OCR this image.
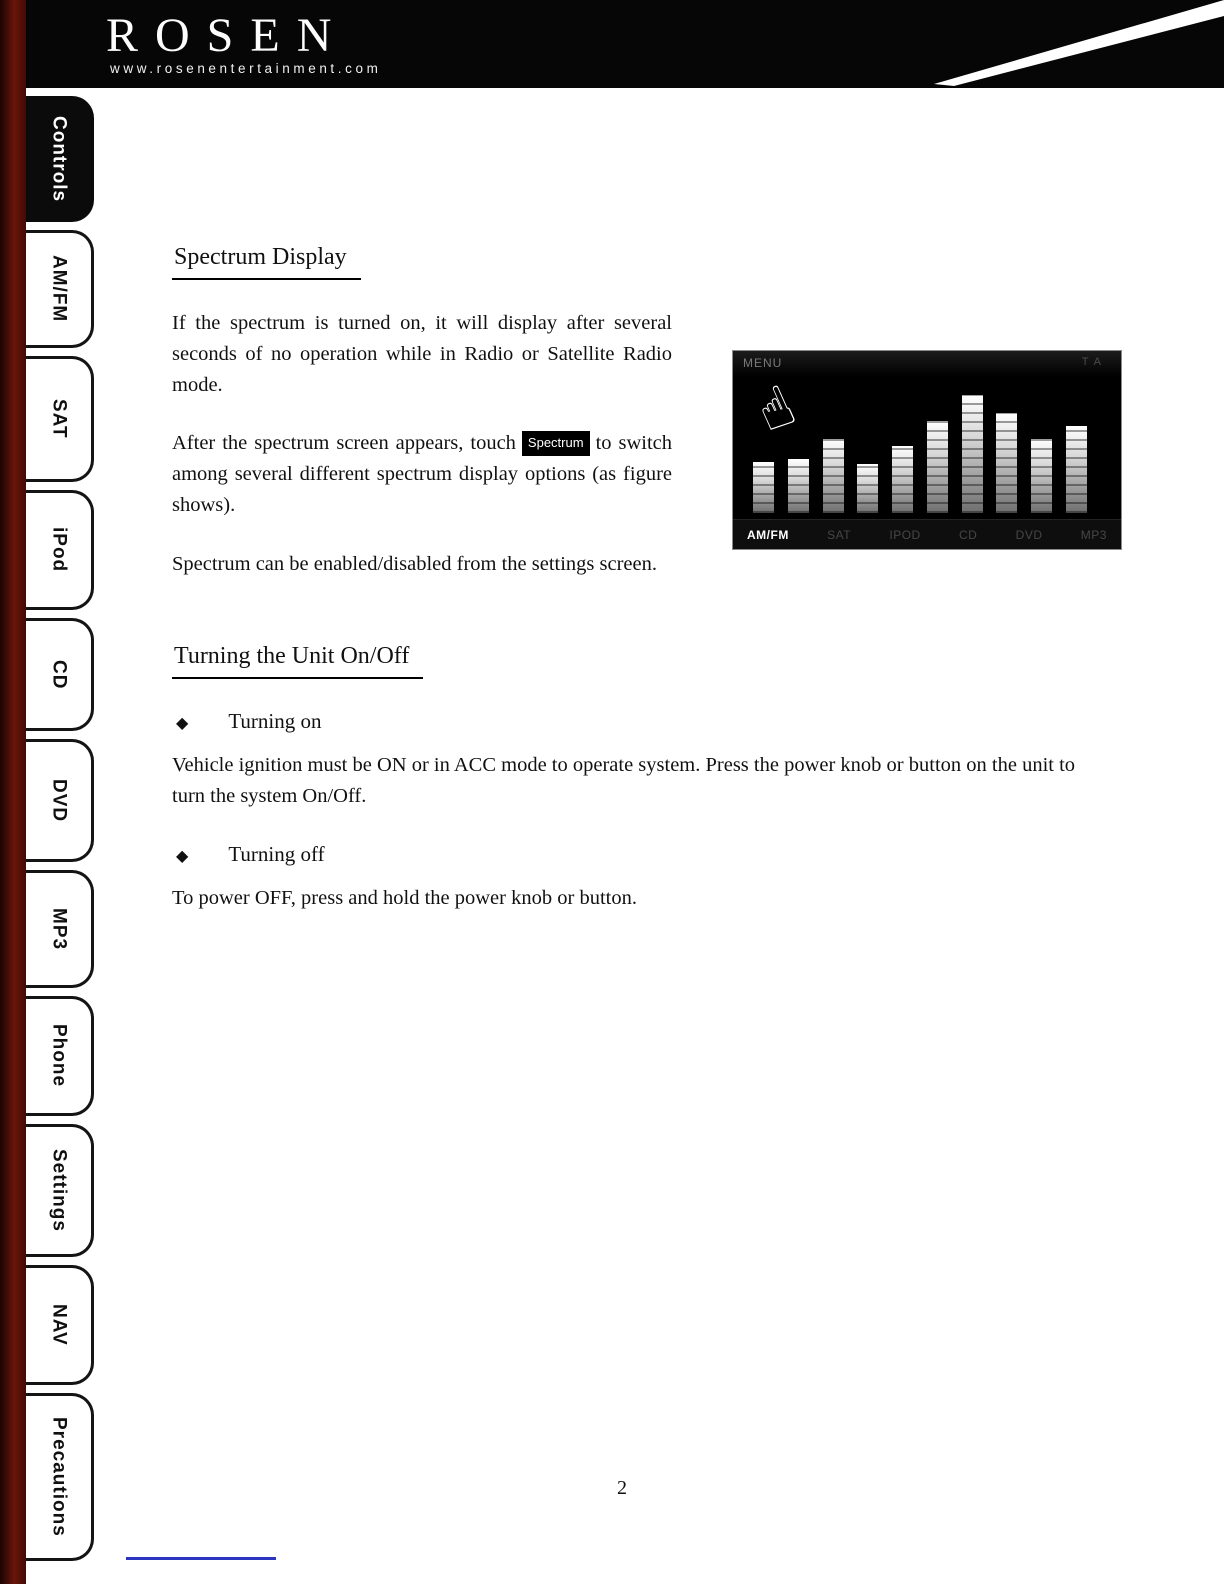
ROSEN
www.rosenentertainment.com
Controls
AM/FM
SAT
iPod
CD
DVD
MP3
Phone
Settings
NAV
Precautions
Spectrum Display

If the spectrum is turned on, it will display after several seconds of no operation while in Radio or Satellite Radio mode.

After the spectrum screen appears, touch Spectrum to switch among several different spectrum display options (as figure shows).

Spectrum can be enabled/disabled from the settings screen.

MENU	TA
☝
AM/FM	SAT	IPOD	CD	DVD	MP3
Turning the Unit On/Off
◆ Turning on

Vehicle ignition must be ON or in ACC mode to operate system. Press the power knob or button on the unit to turn the system On/Off.

◆ Turning off

To power OFF, press and hold the power knob or button.

2
